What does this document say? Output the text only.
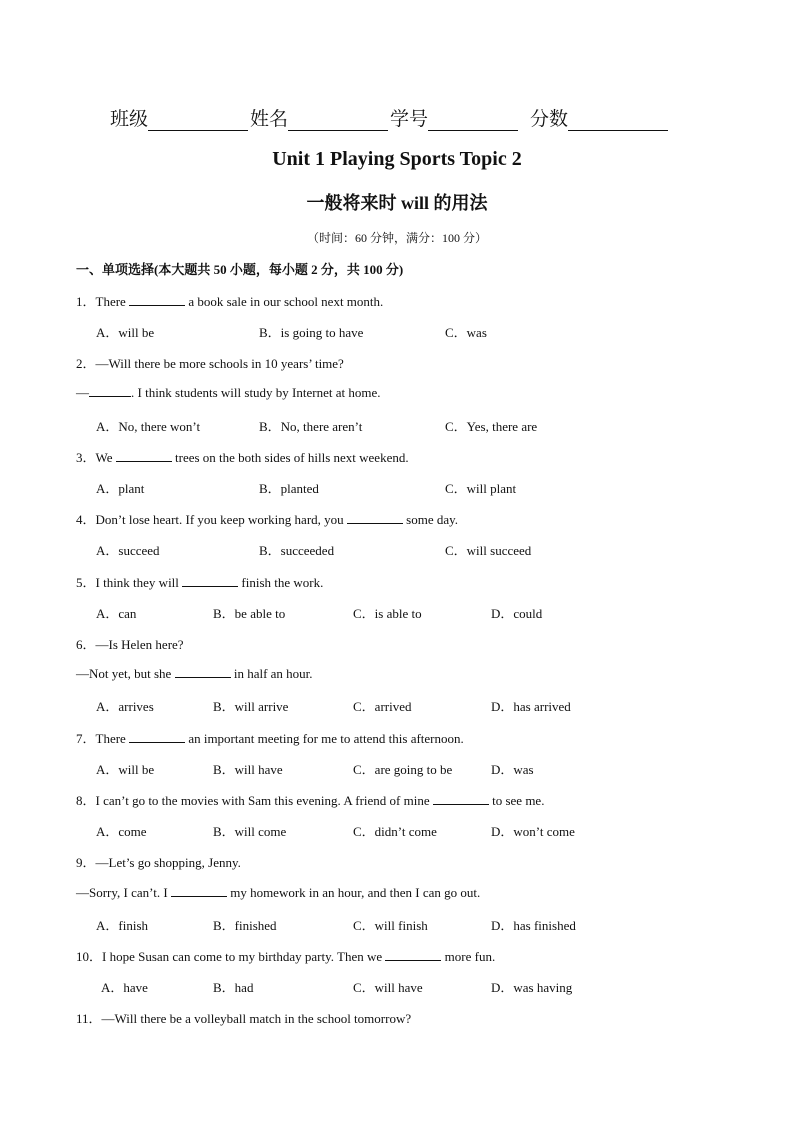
班级	姓名	学号	分数
Unit 1 Playing Sports Topic 2
一般将来时 will 的用法
（时间：60 分钟，满分：100 分）
一、单项选择(本大题共 50 小题，每小题 2 分，共 100 分)
1．There	a book sale in our school next month.
A．will be	B．is going to have	C．was
2．—Will there be more schools in 10 years’ time?
—	. I think students will study by Internet at home.
A．No, there won’t	B．No, there aren’t	C．Yes, there are
3．We	trees on the both sides of hills next weekend.
A．plant	B．planted	C．will plant
4．Don’t lose heart. If you keep working hard, you	some day.
A．succeed	B．succeeded	C．will succeed
5．I think they will	finish the work.
A．can	B．be able to	C．is able to	D．could
6．—Is Helen here?
—Not yet, but she	in half an hour.
A．arrives	B．will arrive	C．arrived	D．has arrived
7．There	an important meeting for me to attend this afternoon.
A．will be	B．will have	C．are going to be	D．was
8．I can’t go to the movies with Sam this evening. A friend of mine	to see me.
A．come	B．will come	C．didn’t come	D．won’t come
9．—Let’s go shopping, Jenny.
—Sorry, I can’t. I	my homework in an hour, and then I can go out.
A．finish	B．finished	C．will finish	D．has finished
10．I hope Susan can come to my birthday party. Then we	more fun.
A．have	B．had	C．will have	D．was having
11．—Will there be a volleyball match in the school tomorrow?
